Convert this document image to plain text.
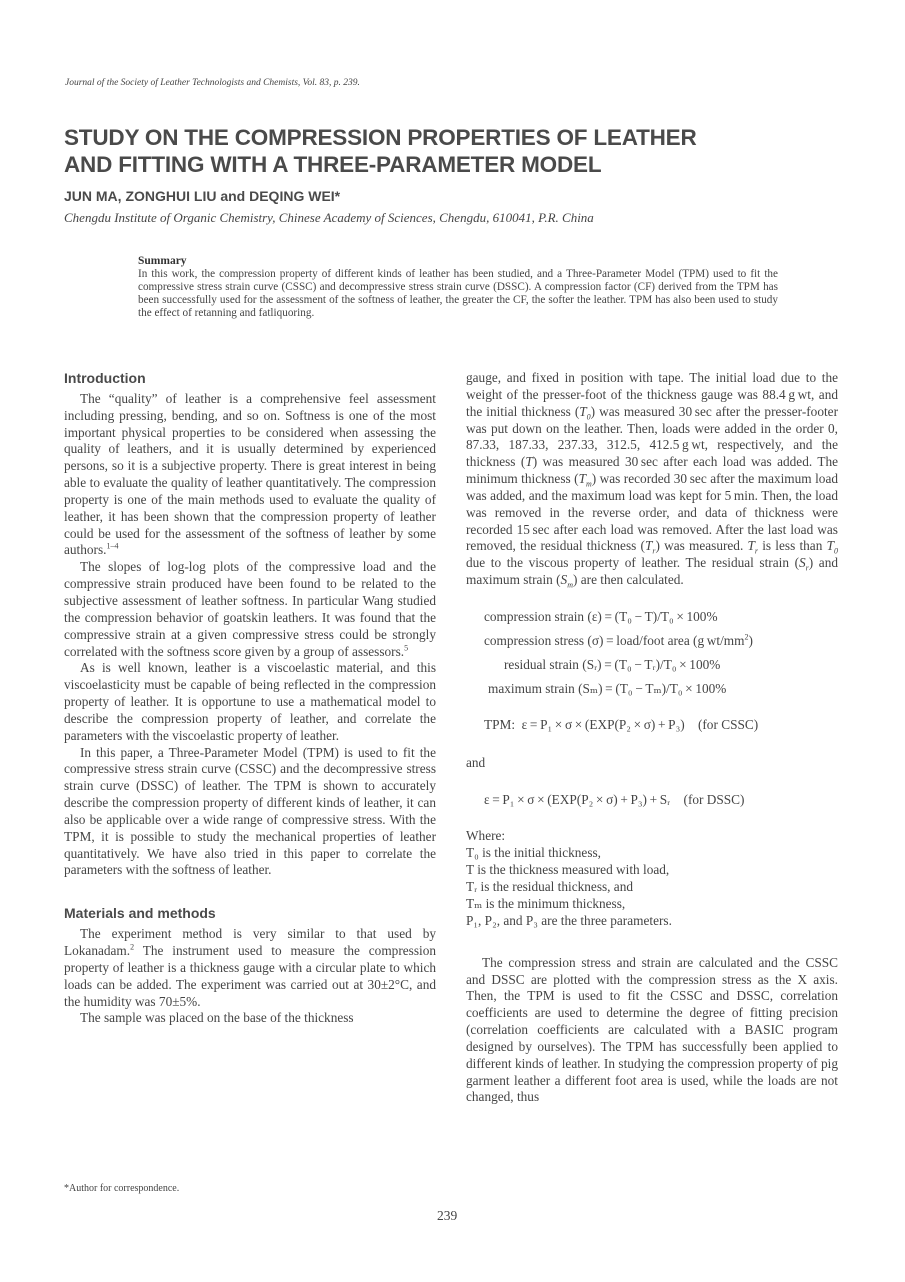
Journal of the Society of Leather Technologists and Chemists, Vol. 83, p. 239.
STUDY ON THE COMPRESSION PROPERTIES OF LEATHER
AND FITTING WITH A THREE-PARAMETER MODEL
JUN MA, ZONGHUI LIU and DEQING WEI*
Chengdu Institute of Organic Chemistry, Chinese Academy of Sciences, Chengdu, 610041, P.R. China
Summary
In this work, the compression property of different kinds of leather has been studied, and a Three-Parameter Model (TPM) used to fit the compressive stress strain curve (CSSC) and decompressive stress strain curve (DSSC). A compression factor (CF) derived from the TPM has been successfully used for the assessment of the softness of leather, the greater the CF, the softer the leather. TPM has also been used to study the effect of retanning and fatliquoring.
Introduction

The “quality” of leather is a comprehensive feel assessment including pressing, bending, and so on. Softness is one of the most important physical properties to be considered when assessing the quality of leathers, and it is usually determined by experienced persons, so it is a subjective property. There is great interest in being able to evaluate the quality of leather quantitatively. The compression property is one of the main methods used to evaluate the quality of leather, it has been shown that the compression property of leather could be used for the assessment of the softness of leather by some authors.$^{1-4}$

The slopes of log-log plots of the compressive load and the compressive strain produced have been found to be related to the subjective assessment of leather softness. In particular Wang studied the compression behavior of goatskin leathers. It was found that the compressive strain at a given compressive stress could be strongly correlated with the softness score given by a group of assessors.$^5$

As is well known, leather is a viscoelastic material, and this viscoelasticity must be capable of being reflected in the compression property of leather. It is opportune to use a mathematical model to describe the compression property of leather, and correlate the parameters with the viscoelastic property of leather.

In this paper, a Three-Parameter Model (TPM) is used to fit the compressive stress strain curve (CSSC) and the decompressive stress strain curve (DSSC) of leather. The TPM is shown to accurately describe the compression property of different kinds of leather, it can also be applicable over a wide range of compressive stress. With the TPM, it is possible to study the mechanical properties of leather quantitatively. We have also tried in this paper to correlate the parameters with the softness of leather.

Materials and methods

The experiment method is very similar to that used by Lokanadam.$^2$ The instrument used to measure the compression property of leather is a thickness gauge with a circular plate to which loads can be added. The experiment was carried out at 30±2°C, and the humidity was 70±5%.

The sample was placed on the base of the thickness

*Author for correspondence.

gauge, and fixed in position with tape. The initial load due to the weight of the presser-foot of the thickness gauge was 88.4 g wt, and the initial thickness $(T_0)$ was measured 30 sec after the presser-footer was put down on the leather. Then, loads were added in the order 0, 87.33, 187.33, 237.33, 312.5, 412.5 g wt, respectively, and the thickness (T) was measured 30 sec after each load was added. The minimum thickness $(T_m)$ was recorded 30 sec after the maximum load was added, and the maximum load was kept for 5 min. Then, the load was removed in the reverse order, and data of thickness were recorded 15 sec after each load was removed. After the last load was removed, the residual thickness $(T_r)$ was measured. $T_r$ is less than $T_0$ due to the viscous property of leather. The residual strain $(S_r)$ and maximum strain $(S_m)$ are then calculated.

compression strain (ε) = (T₀ − T)/T₀ × 100%
compression stress (σ) = load/foot area (g $wt/mm^2$)
residual strain (Sᵣ) = (T₀ − Tᵣ)/T₀ × 100%
maximum strain (Sₘ) = (T₀ − Tₘ)/T₀ × 100%
TPM: ε = P₁ × σ × (EXP(P₂ × σ) + P₃) (for CSSC)
and
ε = P₁ × σ × (EXP(P₂ × σ) + P₃) + Sᵣ (for DSSC)
Where:
T₀ is the initial thickness,
T is the thickness measured with load,
Tᵣ is the residual thickness, and
Tₘ is the minimum thickness,
P₁, P₂, and P₃ are the three parameters.

The compression stress and strain are calculated and the CSSC and DSSC are plotted with the compression stress as the X axis. Then, the TPM is used to fit the CSSC and DSSC, correlation coefficients are used to determine the degree of fitting precision (correlation coefficients are calculated with a BASIC program designed by ourselves). The TPM has successfully been applied to different kinds of leather. In studying the compression property of pig garment leather a different foot area is used, while the loads are not changed, thus

239
